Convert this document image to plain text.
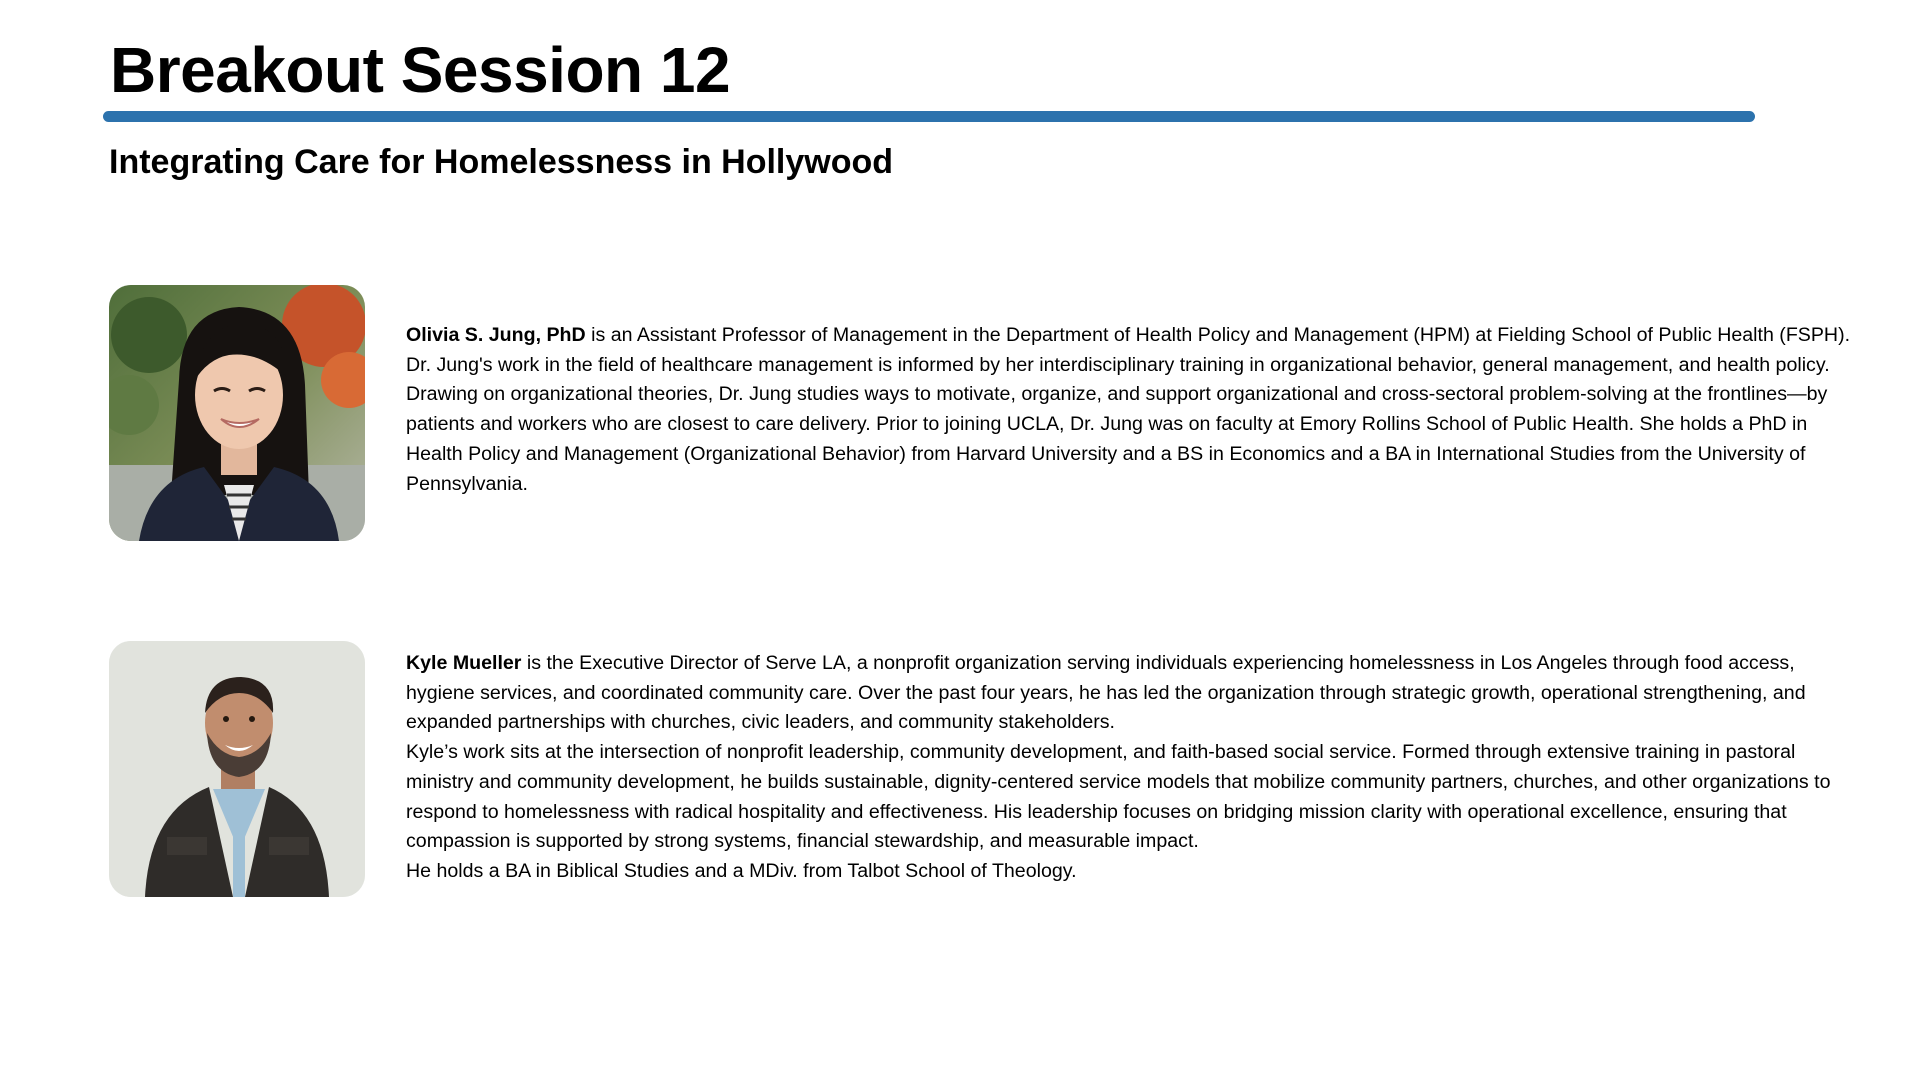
Breakout Session 12
Integrating Care for Homelessness in Hollywood

Olivia S. Jung, PhD is an Assistant Professor of Management in the Department of Health Policy and Management (HPM) at Fielding School of Public Health (FSPH). Dr. Jung's work in the field of healthcare management is informed by her interdisciplinary training in organizational behavior, general management, and health policy. Drawing on organizational theories, Dr. Jung studies ways to motivate, organize, and support organizational and cross-sectoral problem-solving at the frontlines—by patients and workers who are closest to care delivery. Prior to joining UCLA, Dr. Jung was on faculty at Emory Rollins School of Public Health. She holds a PhD in Health Policy and Management (Organizational Behavior) from Harvard University and a BS in Economics and a BA in International Studies from the University of Pennsylvania.

Kyle Mueller is the Executive Director of Serve LA, a nonprofit organization serving individuals experiencing homelessness in Los Angeles through food access, hygiene services, and coordinated community care. Over the past four years, he has led the organization through strategic growth, operational strengthening, and expanded partnerships with churches, civic leaders, and community stakeholders.

Kyle’s work sits at the intersection of nonprofit leadership, community development, and faith-based social service. Formed through extensive training in pastoral ministry and community development, he builds sustainable, dignity-centered service models that mobilize community partners, churches, and other organizations to respond to homelessness with radical hospitality and effectiveness. His leadership focuses on bridging mission clarity with operational excellence, ensuring that compassion is supported by strong systems, financial stewardship, and measurable impact.

He holds a BA in Biblical Studies and a MDiv. from Talbot School of Theology.
